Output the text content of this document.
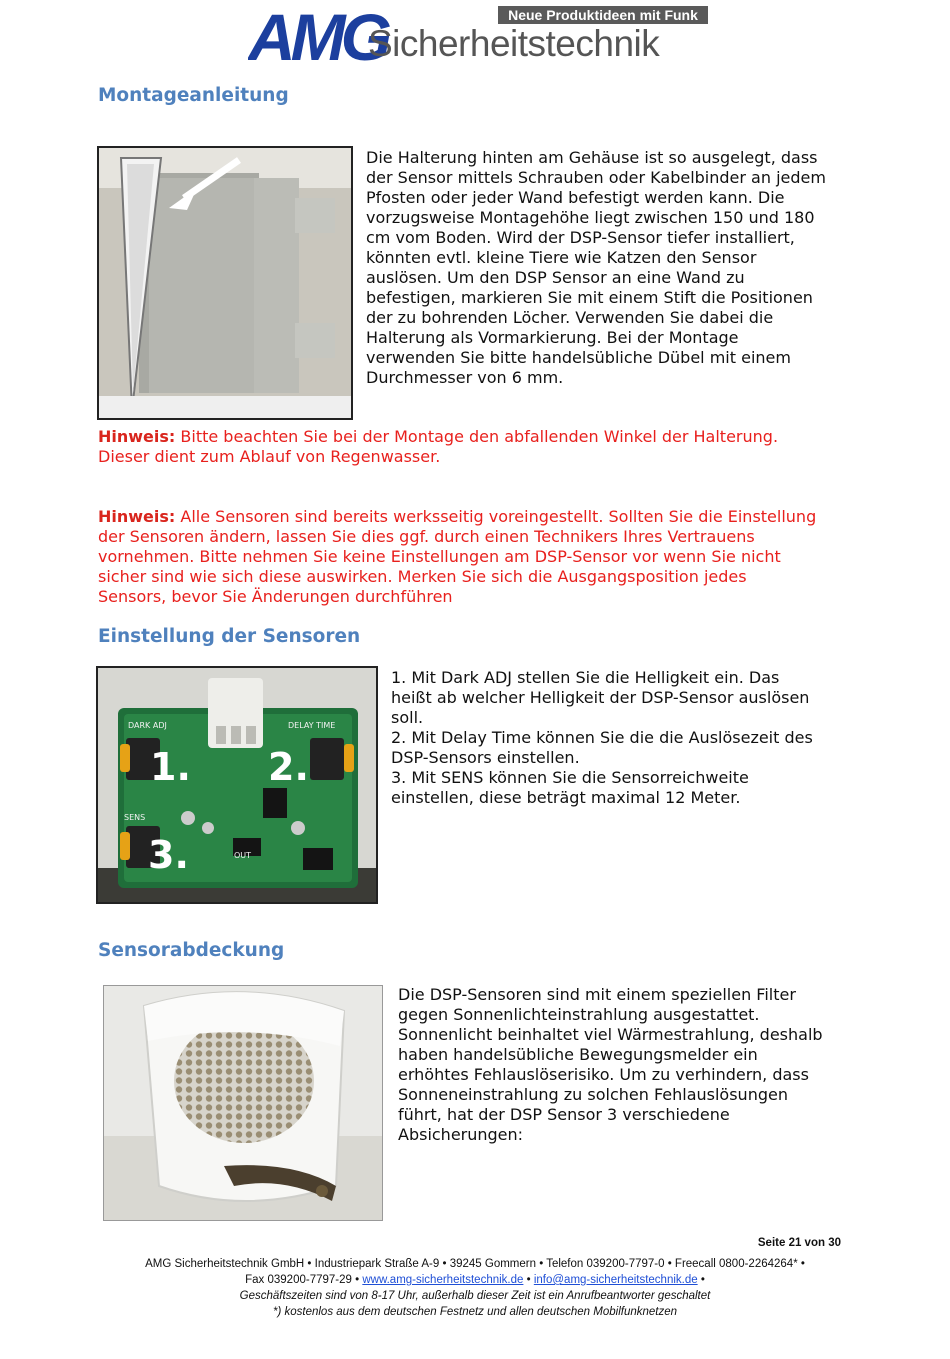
AMG	Neue Produktideen mit Funk
Sicherheitstechnik
Montageanleitung
Die Halterung hinten am Gehäuse ist so ausgelegt, dass
der Sensor mittels Schrauben oder Kabelbinder an jedem
Pfosten oder jeder Wand befestigt werden kann. Die
vorzugsweise Montagehöhe liegt zwischen 150 und 180
cm vom Boden. Wird der DSP-Sensor tiefer installiert,
könnten evtl. kleine Tiere wie Katzen den Sensor
auslösen. Um den DSP Sensor an eine Wand zu
befestigen, markieren Sie mit einem Stift die Positionen
der zu bohrenden Löcher. Verwenden Sie dabei die
Halterung als Vormarkierung. Bei der Montage
verwenden Sie bitte handelsübliche Dübel mit einem
Durchmesser von 6 mm.
Hinweis: Bitte beachten Sie bei der Montage den abfallenden Winkel der Halterung.
Dieser dient zum Ablauf von Regenwasser.
Hinweis: Alle Sensoren sind bereits werksseitig voreingestellt. Sollten Sie die Einstellung
der Sensoren ändern, lassen Sie dies ggf. durch einen Technikers Ihres Vertrauens
vornehmen. Bitte nehmen Sie keine Einstellungen am DSP-Sensor vor wenn Sie nicht
sicher sind wie sich diese auswirken. Merken Sie sich die Ausgangsposition jedes
Sensors, bevor Sie Änderungen durchführen
Einstellung der Sensoren
DARK ADJ	DELAY TIME
SENS
OUT
1. 2.
3.
1. Mit Dark ADJ stellen Sie die Helligkeit ein. Das
heißt ab welcher Helligkeit der DSP-Sensor auslösen
soll.
2. Mit Delay Time können Sie die die Auslösezeit des
DSP-Sensors einstellen.
3. Mit SENS können Sie die Sensorreichweite
einstellen, diese beträgt maximal 12 Meter.
Sensorabdeckung
Die DSP-Sensoren sind mit einem speziellen Filter
gegen Sonnenlichteinstrahlung ausgestattet.
Sonnenlicht beinhaltet viel Wärmestrahlung, deshalb
haben handelsübliche Bewegungsmelder ein
erhöhtes Fehlauslöserisiko. Um zu verhindern, dass
Sonneneinstrahlung zu solchen Fehlauslösungen
führt, hat der DSP Sensor 3 verschiedene
Absicherungen:
Seite 21 von 30
AMG Sicherheitstechnik GmbH • Industriepark Straße A-9 • 39245 Gommern • Telefon 039200-7797-0 • Freecall 0800-2264264* •
Fax 039200-7797-29 • www.amg-sicherheitstechnik.de • info@amg-sicherheitstechnik.de •
Geschäftszeiten sind von 8-17 Uhr, außerhalb dieser Zeit ist ein Anrufbeantworter geschaltet
*) kostenlos aus dem deutschen Festnetz und allen deutschen Mobilfunknetzen
